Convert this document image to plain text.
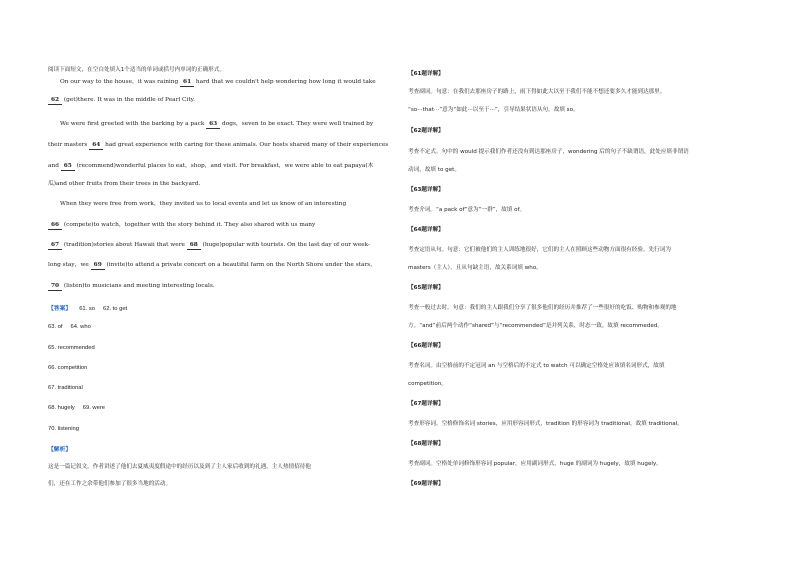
阅读下面短文，在空白处填入1个适当的单词或括号内单词的正确形式。
On our way to the house，it was raining 61 hard that we couldn't help wondering how long it would take
62 (get)there. It was in the middle of Pearl City.
We were first greeted with the barking by a pack 63 dogs，seven to be exact. They were well trained by
their masters 64 had great experience with caring for these animals. Our hosts shared many of their experiences
and 65 (recommend)wonderful places to eat，shop，and visit. For breakfast，we were able to eat papaya(木
瓜)and other fruits from their trees in the backyard.
When they were free from work，they invited us to local events and let us know of an interesting
66 (compete)to watch，together with the story behind it. They also shared with us many
67 (tradition)stories about Hawaii that were 68 (huge)popular with tourists. On the last day of our week-
long stay，we 69 (invite)to attend a private concert on a beautiful farm on the North Shore under the stars，
70 (listen)to musicians and meeting interesting locals.
【答案】 61. so 62. to get
63. of 64. who
65. recommended
66. competition
67. traditional
68. hugely 69. were
70. listening
【解析】
这是一篇记叙文。作者讲述了他们去夏威夷度假途中的经历以及到了主人家后收到的礼遇，主人热情招待他
们，还在工作之余带他们参加了很多当地的活动。
【61题详解】
考查副词。句意：在我们去那座房子的路上，雨下得如此大以至于我们不能不想还要多久才能到达那里。
“so···that···”意为“如此···以至于···”，引导结果状语从句。故填 so。
【62题详解】
考查不定式。句中的 would 提示我们作者还没有到达那座房子，wondering 后的句子不缺谓语，此处应填非谓语
动词，故填 to get。
【63题详解】
考查介词。“a pack of”意为“一群”，故填 of。
【64题详解】
考查定语从句。句意：它们被他们的主人训练地很好，它们的主人在照顾这些动物方面很有经验。先行词为
masters（主人），且从句缺主语，故关系词填 who。
【65题详解】
考查一般过去时。句意：我们的主人跟我们分享了很多他们的经历并推荐了一些很好的吃饭、购物和参观的地
方。“and”前后两个动作“shared”与“recommended”是并列关系，时态一致。故填 recommeded。
【66题详解】
考查名词。由空格前的不定冠词 an 与空格后的不定式 to watch 可以确定空格处应该填名词形式，故填
competition。
【67题详解】
考查形容词。空格修饰名词 stories，应用形容词形式，tradition 的形容词为 traditional，故填 traditional。
【68题详解】
考查副词。空格处单词修饰形容词 popular，应用副词形式，huge 的副词为 hugely，故填 hugely。
【69题详解】
